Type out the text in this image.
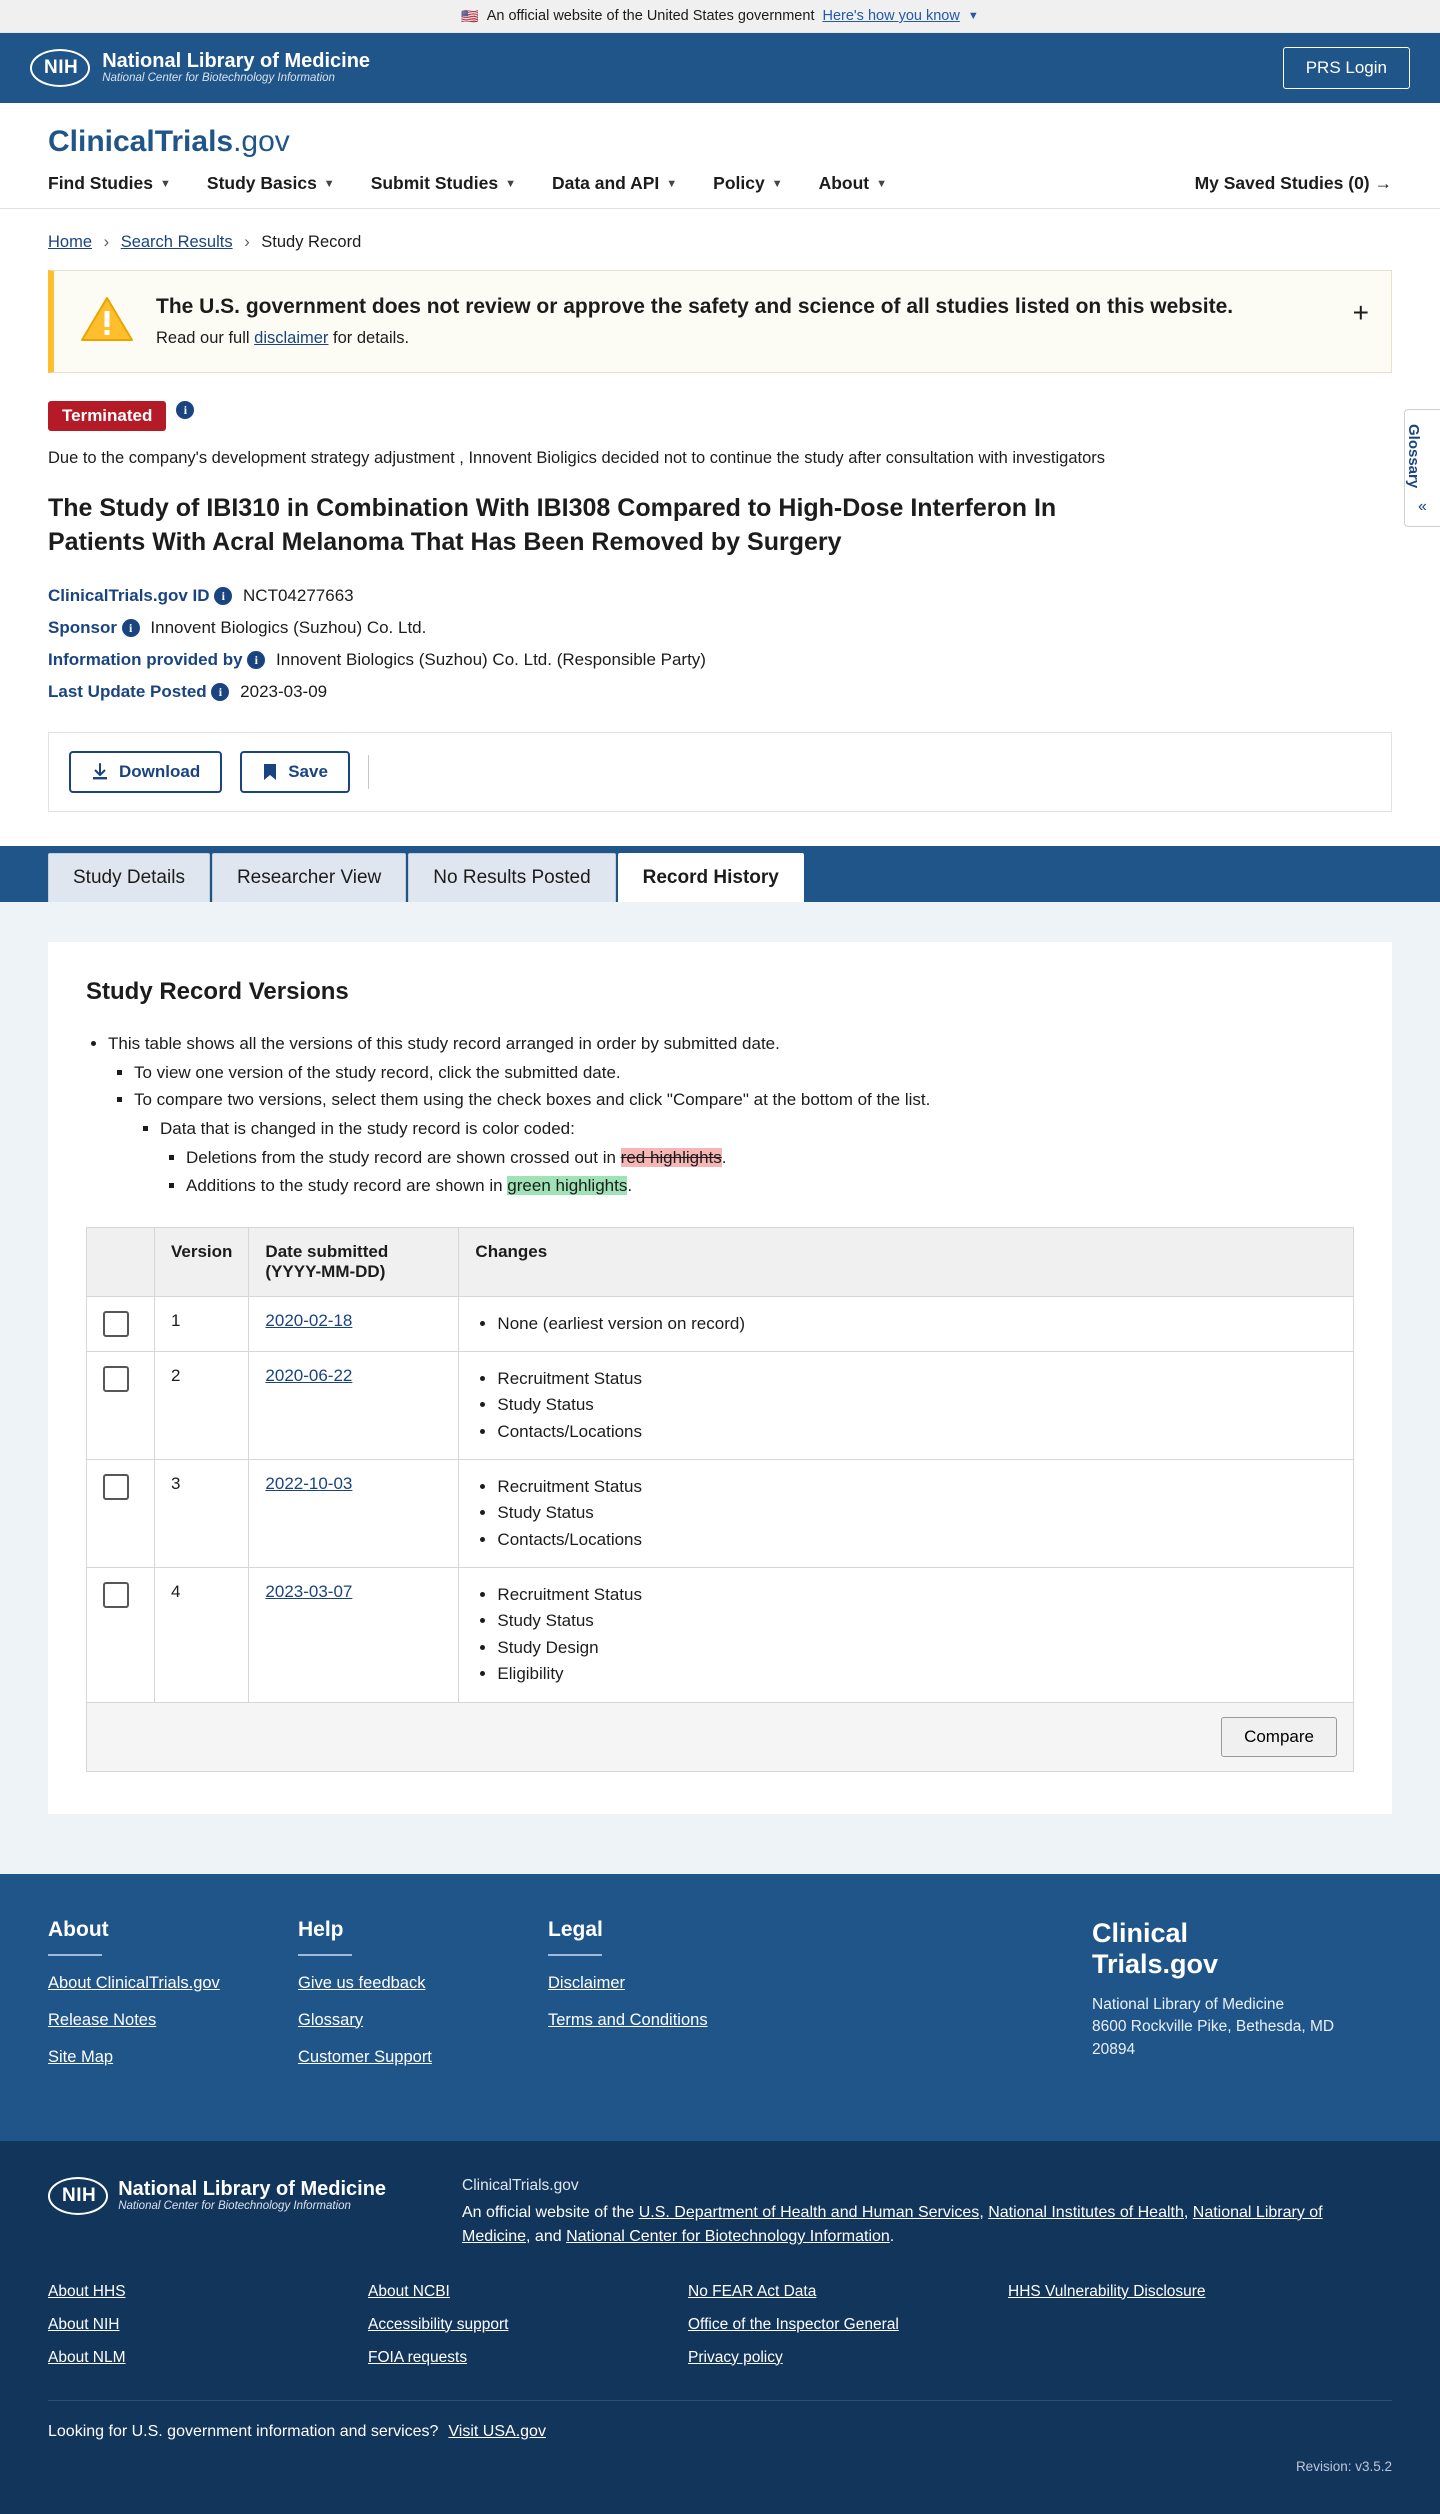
🇺🇸 An official website of the United States government Here's how you know ▼
NIH	National Library of Medicine
National Center for Biotechnology Information
PRS Login
ClinicalTrials.gov
Find Studies ▼ Study Basics ▼ Submit Studies ▼ Data and API ▼ Policy ▼ About ▼	My Saved Studies (0) →
Home › Search Results › Study Record
Glossary
«
The U.S. government does not review or approve the safety and science of all studies listed on this website.
Read our full disclaimer for details.
+
Terminated	i
Due to the company's development strategy adjustment , Innovent Bioligics decided not to continue the study after consultation with investigators
The Study of IBI310 in Combination With IBI308 Compared to High-Dose Interferon In Patients With Acral Melanoma That Has Been Removed by Surgery
ClinicalTrials.gov ID i NCT04277663
Sponsor i Innovent Biologics (Suzhou) Co. Ltd.
Information provided by i Innovent Biologics (Suzhou) Co. Ltd. (Responsible Party)
Last Update Posted i 2023-03-09
Download	Save
Study Details	Researcher View	No Results Posted	Record History
Study Record Versions
• This table shows all the versions of this study record arranged in order by submitted date.
▪ To view one version of the study record, click the submitted date.
▪ To compare two versions, select them using the check boxes and click "Compare" at the bottom of the list.
▪ Data that is changed in the study record is color coded:
▪ Deletions from the study record are shown crossed out in red highlights.
▪ Additions to the study record are shown in green highlights.
	Version	Date submitted
(YYYY-MM-DD)	Changes

	1	2020-02-18	
•None (earliest version on record)

	2	2020-06-22	
•Recruitment Status
• Study Status
• Contacts/Locations

	3	2022-10-03	
•Recruitment Status
• Study Status
• Contacts/Locations

	4	2023-03-07	
•Recruitment Status
• Study Status
• Study Design
• Eligibility

Compare			
About
About ClinicalTrials.gov
Release Notes
Site Map
Help
Give us feedback
Glossary
Customer Support
Legal
Disclaimer
Terms and Conditions
Clinical
Trials.gov
National Library of Medicine
8600 Rockville Pike, Bethesda, MD
20894
NIH	National Library of Medicine
National Center for Biotechnology Information
ClinicalTrials.gov
An official website of the U.S. Department of Health and Human Services, National Institutes of Health, National Library of Medicine, and National Center for Biotechnology Information.
About HHS
About NIH
About NLM
About NCBI
Accessibility support
FOIA requests
No FEAR Act Data
Office of the Inspector General
Privacy policy
HHS Vulnerability Disclosure
Looking for U.S. government information and services? Visit USA.gov
Revision: v3.5.2
